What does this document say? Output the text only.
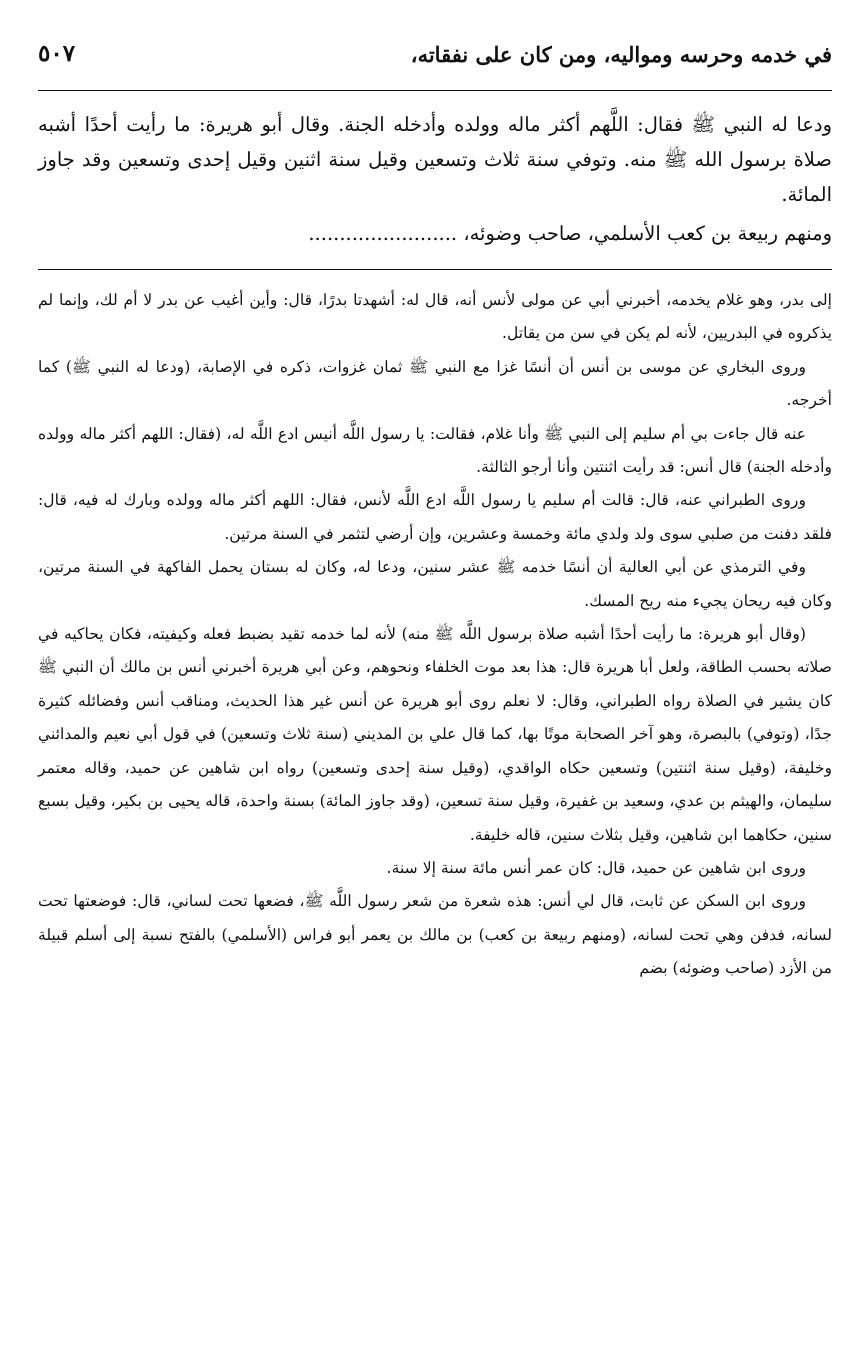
في خدمه وحرسه ومواليه، ومن كان على نفقاته،
٥٠٧

ودعا له النبي ﷺ فقال: اللَّهم أكثر ماله وولده وأدخله الجنة. وقال أبو هريرة: ما رأيت أحدًا أشبه صلاة برسول الله ﷺ منه. وتوفي سنة ثلاث وتسعين وقيل سنة اثنين وقيل إحدى وتسعين وقد جاوز المائة.

ومنهم ربيعة بن كعب الأسلمي، صاحب وضوئه، ........................

إلى بدر، وهو غلام يخدمه، أخبرني أبي عن مولى لأنس أنه، قال له: أشهدتا بدرًا، قال: وأين أغيب عن بدر لا أم لك، وإنما لم يذكروه في البدريين، لأنه لم يكن في سن من يقاتل.

وروى البخاري عن موسى بن أنس أن أنسًا غزا مع النبي ﷺ ثمان غزوات، ذكره في الإصابة، (ودعا له النبي ﷺ) كما أخرجه.

عنه قال جاءت بي أم سليم إلى النبي ﷺ وأنا غلام، فقالت: يا رسول اللَّه أنيس ادع اللَّه له، (فقال: اللهم أكثر ماله وولده وأدخله الجنة) قال أنس: قد رأيت اثنتين وأنا أرجو الثالثة.

وروى الطبراني عنه، قال: قالت أم سليم يا رسول اللَّه ادع اللَّه لأنس، فقال: اللهم أكثر ماله وولده وبارك له فيه، قال: فلقد دفنت من صلبي سوى ولد ولدي مائة وخمسة وعشرين، وإن أرضي لتثمر في السنة مرتين.

وفي الترمذي عن أبي العالية أن أنسًا خدمه ﷺ عشر سنين، ودعا له، وكان له بستان يحمل الفاكهة في السنة مرتين، وكان فيه ريحان يجيء منه ريح المسك.

(وقال أبو هريرة: ما رأيت أحدًا أشبه صلاة برسول اللَّه ﷺ منه) لأنه لما خدمه تقيد بضبط فعله وكيفيته، فكان يحاكيه في صلاته بحسب الطاقة، ولعل أبا هريرة قال: هذا بعد موت الخلفاء ونحوهم، وعن أبي هريرة أخبرني أنس بن مالك أن النبي ﷺ كان يشير في الصلاة رواه الطبراني، وقال: لا نعلم روى أبو هريرة عن أنس غير هذا الحديث، ومناقب أنس وفضائله كثيرة جدًا، (وتوفي) بالبصرة، وهو آخر الصحابة موتًا بها، كما قال علي بن المديني (سنة ثلاث وتسعين) في قول أبي نعيم والمدائني وخليفة، (وقيل سنة اثنتين) وتسعين حكاه الواقدي، (وقيل سنة إحدى وتسعين) رواه ابن شاهين عن حميد، وقاله معتمر سليمان، والهيثم بن عدي، وسعيد بن غفيرة، وقيل سنة تسعين، (وقد جاوز المائة) بسنة واحدة، قاله يحيى بن بكير، وقيل بسبع سنين، حكاهما ابن شاهين، وقيل بثلاث سنين، قاله خليفة.

وروى ابن شاهين عن حميد، قال: كان عمر أنس مائة سنة إلا سنة.

وروى ابن السكن عن ثابت، قال لي أنس: هذه شعرة من شعر رسول اللَّه ﷺ، فضعها تحت لساني، قال: فوضعتها تحت لسانه، فدفن وهي تحت لسانه، (ومنهم ربيعة بن كعب) بن مالك بن يعمر أبو فراس (الأسلمي) بالفتح نسبة إلى أسلم قبيلة من الأزد (صاحب وضوئه) بضم
